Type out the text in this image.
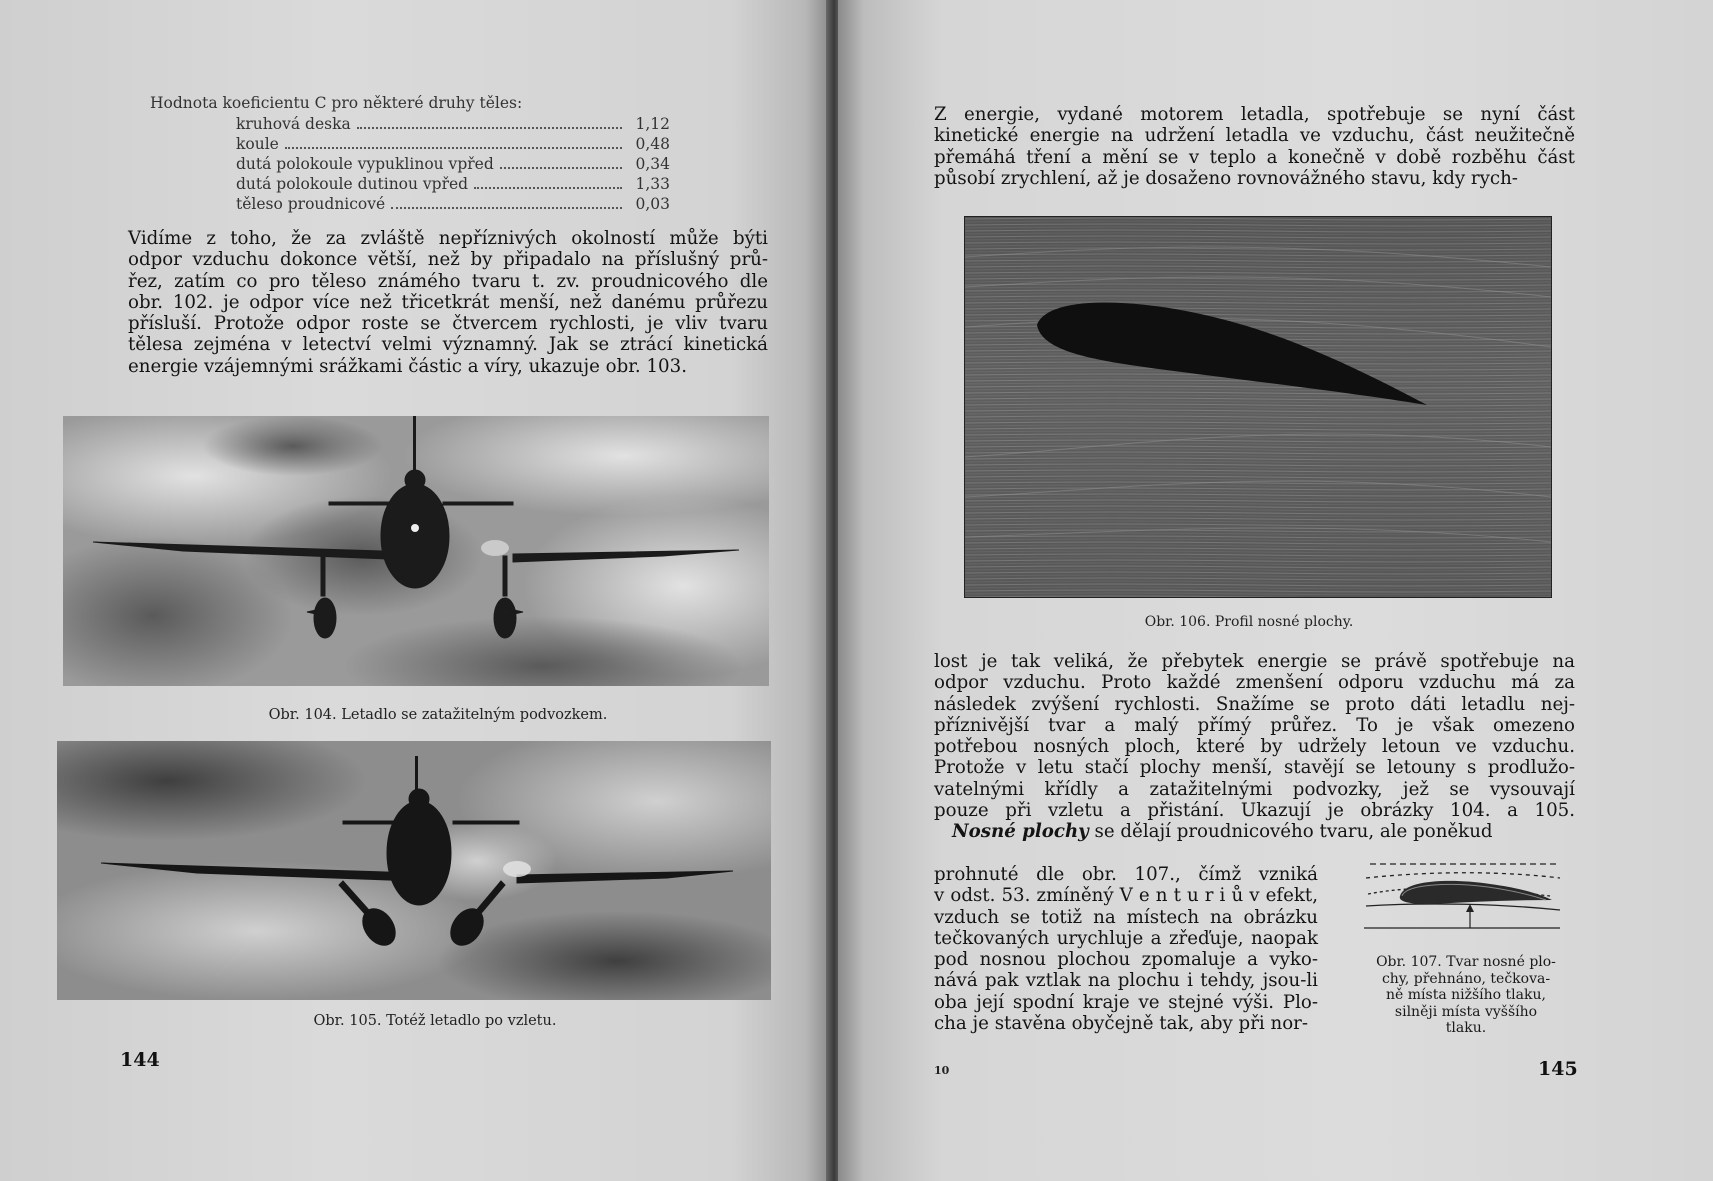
Hodnota koeficientu C pro některé druhy těles:
kruhová deska	1,12
koule	0,48
dutá polokoule vypuklinou vpřed	0,34
dutá polokoule dutinou vpřed	1,33
těleso proudnicové	0,03
Vidíme z toho, že za zvláště nepříznivých okolností může býti
odpor vzduchu dokonce větší, než by připadalo na příslušný prů-
řez, zatím co pro těleso známého tvaru t. zv. proudnicového dle
obr. 102. je odpor více než třicetkrát menší, než danému průřezu
přísluší. Protože odpor roste se čtvercem rychlosti, je vliv tvaru
tělesa zejména v letectví velmi významný. Jak se ztrácí kinetická
energie vzájemnými srážkami částic a víry, ukazuje obr. 103.
Obr. 104. Letadlo se zatažitelným podvozkem.
Obr. 105. Totéž letadlo po vzletu.
144
Z energie, vydané motorem letadla, spotřebuje se nyní část
kinetické energie na udržení letadla ve vzduchu, část neužitečně
přemáhá tření a mění se v teplo a konečně v době rozběhu část
působí zrychlení, až je dosaženo rovnovážného stavu, kdy rych-
Obr. 106. Profil nosné plochy.
lost je tak veliká, že přebytek energie se právě spotřebuje na
odpor vzduchu. Proto každé zmenšení odporu vzduchu má za
následek zvýšení rychlosti. Snažíme se proto dáti letadlu nej-
příznivější tvar a malý přímý průřez. To je však omezeno
potřebou nosných ploch, které by udržely letoun ve vzduchu.
Protože v letu stačí plochy menší, stavějí se letouny s prodlužo-
vatelnými křídly a zatažitelnými podvozky, jež se vysouvají
pouze při vzletu a přistání. Ukazují je obrázky 104. a 105.
Nosné plochy se dělají proudnicového tvaru, ale poněkud
prohnuté dle obr. 107., čímž vzniká
v odst. 53. zmíněný V e n t u r i ů v efekt,
vzduch se totiž na místech na obrázku
tečkovaných urychluje a zřeďuje, naopak
pod nosnou plochou zpomaluje a vyko-
nává pak vztlak na plochu i tehdy, jsou-li
oba její spodní kraje ve stejné výši. Plo-
cha je stavěna obyčejně tak, aby při nor-
Obr. 107. Tvar nosné plo-
chy, přehnáno, tečkova-
ně místa nižšího tlaku,
silněji místa vyššího
tlaku.
10	145
